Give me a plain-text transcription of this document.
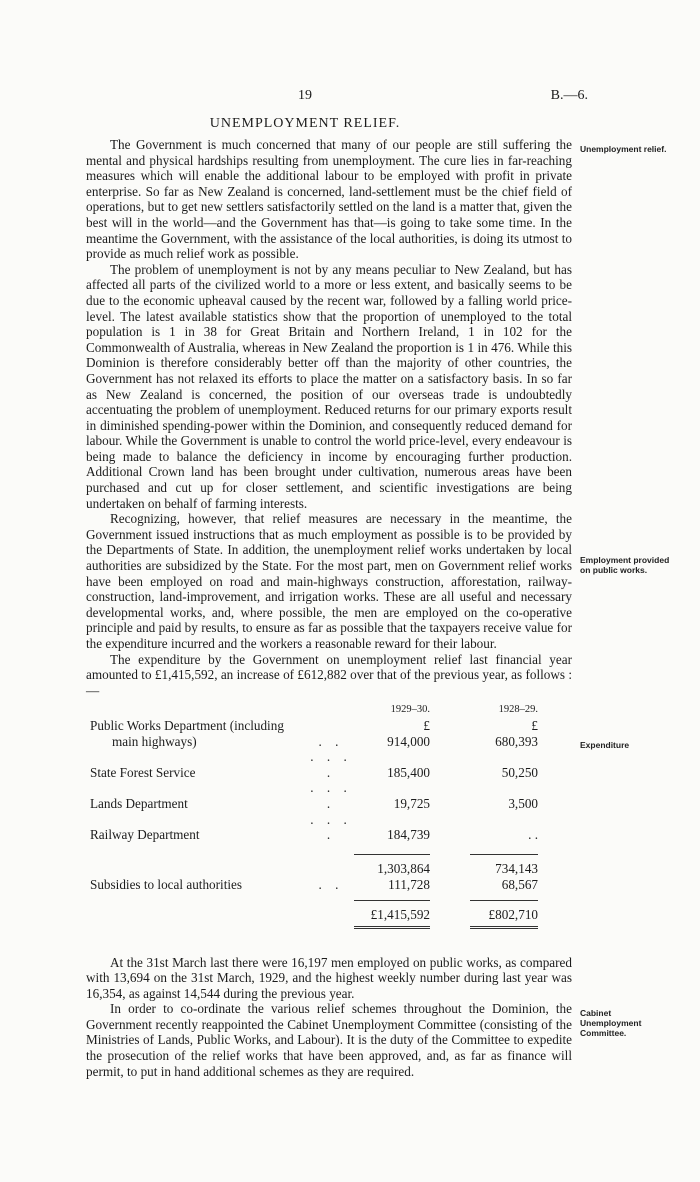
19	B.—6.
UNEMPLOYMENT RELIEF.
Unemployment relief.
Employment provided on public works.
Expenditure
Cabinet Unemployment Committee.

The Government is much concerned that many of our people are still suffering the mental and physical hardships resulting from unemployment. The cure lies in far-reaching measures which will enable the additional labour to be employed with profit in private enterprise. So far as New Zealand is concerned, land-settlement must be the chief field of operations, but to get new settlers satisfactorily settled on the land is a matter that, given the best will in the world—and the Government has that—is going to take some time. In the meantime the Government, with the assistance of the local authorities, is doing its utmost to provide as much relief work as possible.

The problem of unemployment is not by any means peculiar to New Zealand, but has affected all parts of the civilized world to a more or less extent, and basically seems to be due to the economic upheaval caused by the recent war, followed by a falling world price-level. The latest available statistics show that the proportion of unemployed to the total population is 1 in 38 for Great Britain and Northern Ireland, 1 in 102 for the Commonwealth of Australia, whereas in New Zealand the proportion is 1 in 476. While this Dominion is therefore considerably better off than the majority of other countries, the Government has not relaxed its efforts to place the matter on a satisfactory basis. In so far as New Zealand is concerned, the position of our overseas trade is undoubtedly accentuating the problem of unemployment. Reduced returns for our primary exports result in diminished spending-power within the Dominion, and consequently reduced demand for labour. While the Government is unable to control the world price-level, every endeavour is being made to balance the deficiency in income by encouraging further production. Additional Crown land has been brought under cultivation, numerous areas have been purchased and cut up for closer settlement, and scientific investigations are being undertaken on behalf of farming interests.

Recognizing, however, that relief measures are necessary in the meantime, the Government issued instructions that as much employment as possible is to be provided by the Departments of State. In addition, the unemployment relief works undertaken by local authorities are subsidized by the State. For the most part, men on Government relief works have been employed on road and main-highways construction, afforestation, railway-construction, land-improvement, and irrigation works. These are all useful and necessary developmental works, and, where possible, the men are employed on the co-operative principle and paid by results, to ensure as far as possible that the taxpayers receive value for the expenditure incurred and the workers a reasonable reward for their labour.

The expenditure by the Government on unemployment relief last financial year amounted to £1,415,592, an increase of £612,882 over that of the previous year, as follows :—

		1929–30.		1928–29.
Public Works Department (including		£		£
main highways)	. .	914,000		680,393
State Forest Service	. . . .	185,400		50,250
Lands Department	. . . .	19,725		3,500
Railway Department	. . . .	184,739		. .

		1,303,864		734,143
Subsidies to local authorities	. .	111,728		68,567

		£1,415,592		£802,710

At the 31st March last there were 16,197 men employed on public works, as compared with 13,694 on the 31st March, 1929, and the highest weekly number during last year was 16,354, as against 14,544 during the previous year.

In order to co-ordinate the various relief schemes throughout the Dominion, the Government recently reappointed the Cabinet Unemployment Committee (consisting of the Ministries of Lands, Public Works, and Labour). It is the duty of the Committee to expedite the prosecution of the relief works that have been approved, and, as far as finance will permit, to put in hand additional schemes as they are required.
